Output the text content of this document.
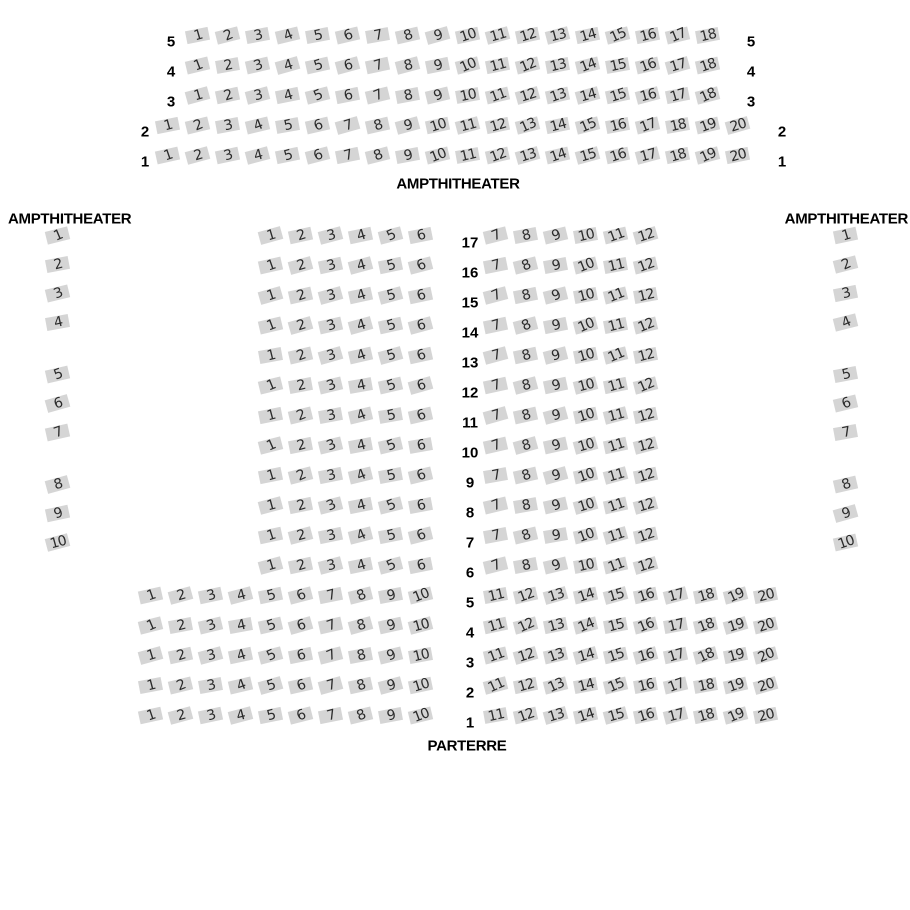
AMPTHITHEATER
AMPTHITHEATER	AMPTHITHEATER
PARTERRE
1 2 3 4 5 6 7 8 9 10 11 12 13 14 15 16 17 18
5	5
1 2 3 4 5 6 7 8 9 10 11 12 13 14 15 16 17 18
4	4
1 2 3 4 5 6 7 8 9 10 11 12 13 14 15 16 17 18
3	3
1 2 3 4 5 6 7 8 9 10 11 12 13 14 15 16 17 18 19 20
2	2
1 2 3 4 5 6 7 8 9 10 11 12 13 14 15 16 17 18 19 20
1	1
1
2
3
4
5
6
7
8
9
10
1
2
3
4
5
6
7
8
9
10
1 2 3 4 5 6	7 8 9 10 11 12
17
1 2 3 4 5 6	7 8 9 10 11 12
16
1 2 3 4 5 6	7 8 9 10 11 12
15
1 2 3 4 5 6	7 8 9 10 11 12
14
1 2 3 4 5 6	7 8 9 10 11 12
13
1 2 3 4 5 6	7 8 9 10 11 12
12
1 2 3 4 5 6	7 8 9 10 11 12
11
1 2 3 4 5 6	7 8 9 10 11 12
10
1 2 3 4 5 6	7 8 9 10 11 12
9
1 2 3 4 5 6	7 8 9 10 11 12
8
1 2 3 4 5 6	7 8 9 10 11 12
7
1 2 3 4 5 6	7 8 9 10 11 12
6
1 2 3 4 5 6 7 8 9 10	11 12 13 14 15 16 17 18 19 20
5
1 2 3 4 5 6 7 8 9 10	11 12 13 14 15 16 17 18 19 20
4
1 2 3 4 5 6 7 8 9 10	11 12 13 14 15 16 17 18 19 20
3
1 2 3 4 5 6 7 8 9 10	11 12 13 14 15 16 17 18 19 20
2
1 2 3 4 5 6 7 8 9 10	11 12 13 14 15 16 17 18 19 20
1
